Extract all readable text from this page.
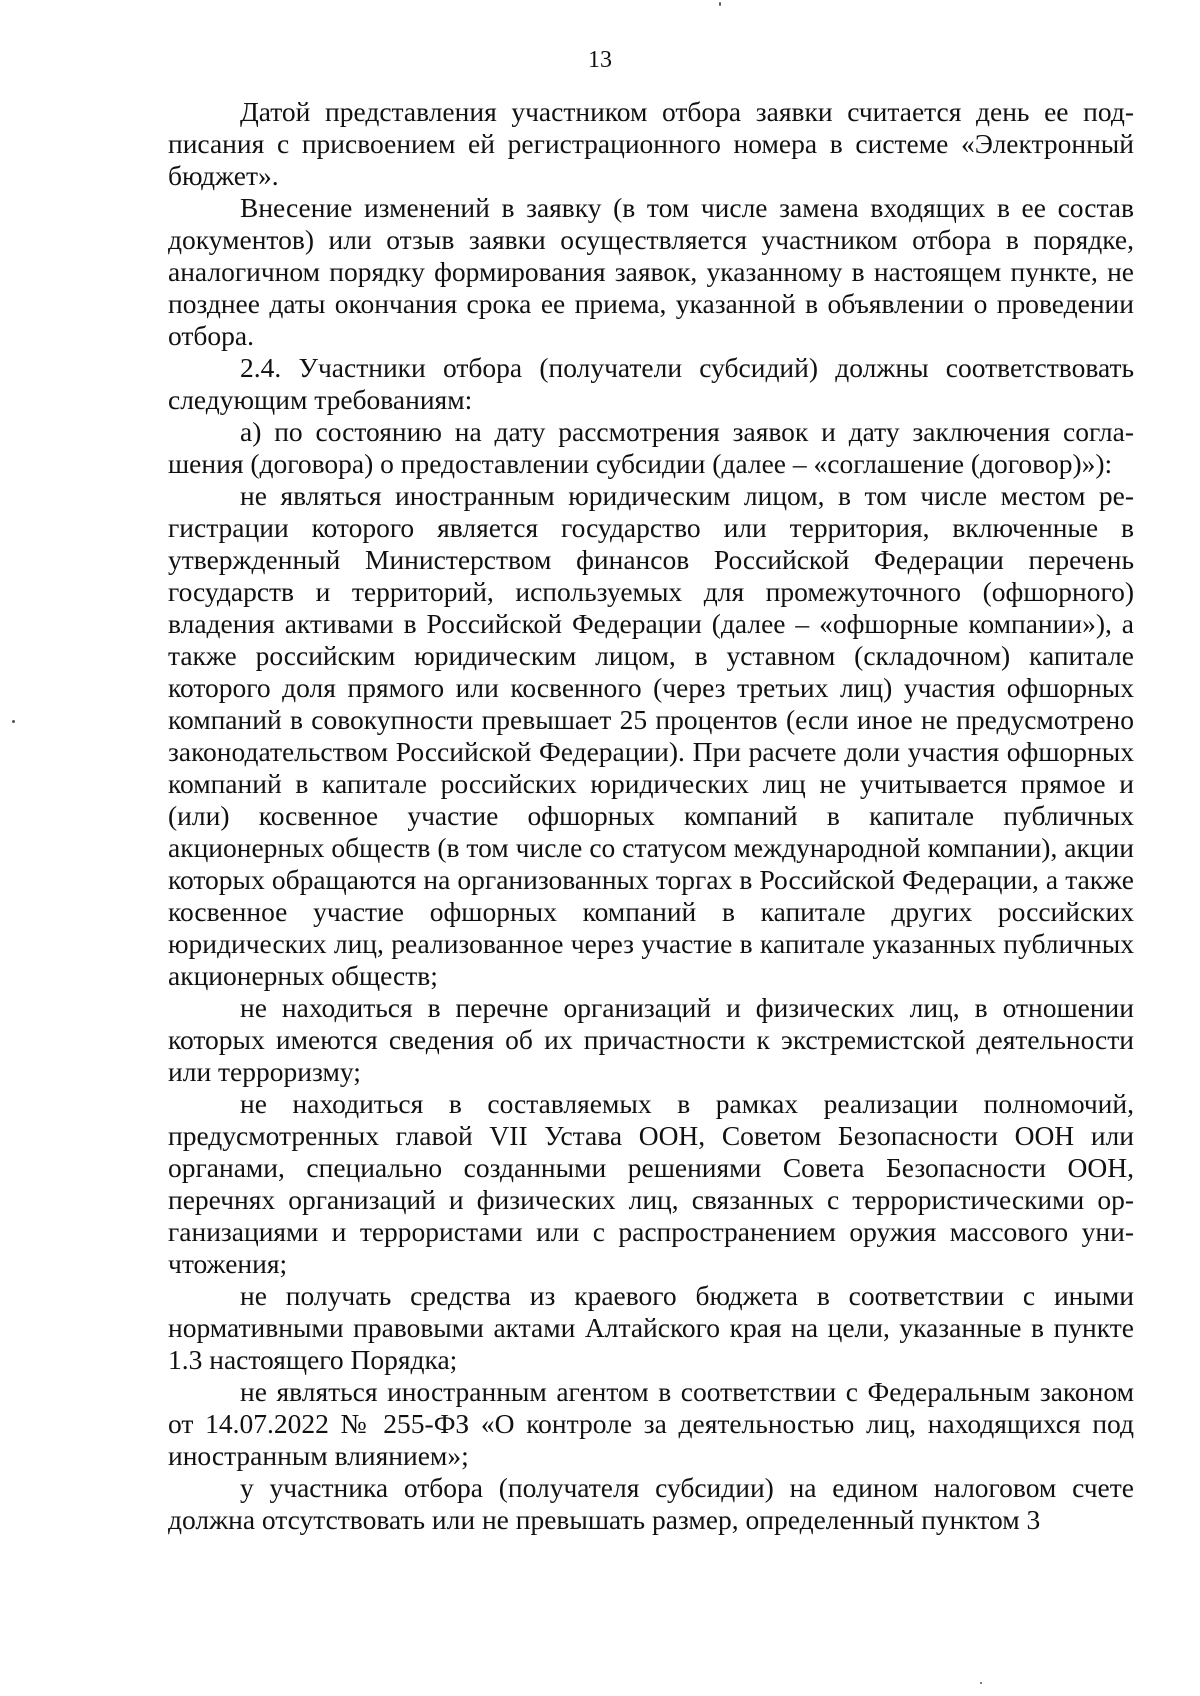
13

Датой представления участником отбора заявки считается день ее подписания с присвоением ей регистрационного номера в системе «Электронный бюджет».

Внесение изменений в заявку (в том числе замена входящих в ее состав документов) или отзыв заявки осуществляется участником отбора в порядке, аналогичном порядку формирования заявок, указанному в настоящем пункте, не позднее даты окончания срока ее приема, указанной в объявлении о проведении отбора.

2.4. Участники отбора (получатели субсидий) должны соответствовать следующим требованиям:

а) по состоянию на дату рассмотрения заявок и дату заключения соглашения (договора) о предоставлении субсидии (далее – «соглашение (договор)»):

не являться иностранным юридическим лицом, в том числе местом регистрации которого является государство или территория, включенные в утвержденный Министерством финансов Российской Федерации перечень государств и территорий, используемых для промежуточного (офшорного) владения активами в Российской Федерации (далее – «офшорные компании»), а также российским юридическим лицом, в уставном (складочном) капитале которого доля прямого или косвенного (через третьих лиц) участия офшорных компаний в совокупности превышает 25 процентов (если иное не предусмотрено законодательством Российской Федерации). При расчете доли участия офшорных компаний в капитале российских юридических лиц не учитывается прямое и (или) косвенное участие офшорных компаний в капитале публичных акционерных обществ (в том числе со статусом международной компании), акции которых обращаются на организованных торгах в Российской Федерации, а также косвенное участие офшорных компаний в капитале других российских юридических лиц, реализованное через участие в капитале указанных публичных акционерных обществ;

не находиться в перечне организаций и физических лиц, в отношении которых имеются сведения об их причастности к экстремистской деятельности или терроризму;

не находиться в составляемых в рамках реализации полномочий, предусмотренных главой VII Устава ООН, Советом Безопасности ООН или органами, специально созданными решениями Совета Безопасности ООН, перечнях организаций и физических лиц, связанных с террористическими организациями и террористами или с распространением оружия массового уничтожения;

не получать средства из краевого бюджета в соответствии с иными нормативными правовыми актами Алтайского края на цели, указанные в пункте 1.3 настоящего Порядка;

не являться иностранным агентом в соответствии с Федеральным законом от 14.07.2022 № 255-ФЗ «О контроле за деятельностью лиц, находящихся под иностранным влиянием»;

у участника отбора (получателя субсидии) на едином налоговом счете должна отсутствовать или не превышать размер, определенный пунктом 3
